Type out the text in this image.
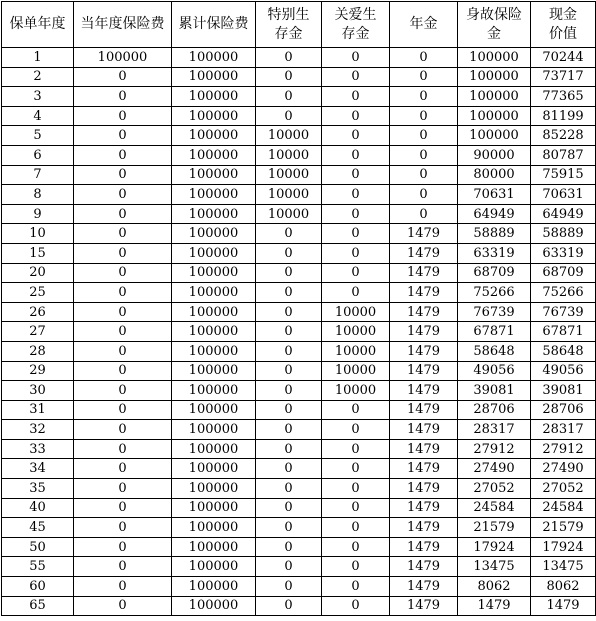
保单年度	当年度保险费	累计保险费	特别生存金	关爱生存金	年金	身故保险金	现金价值
1	100000	100000	0	0	0	100000	70244
2	0	100000	0	0	0	100000	73717
3	0	100000	0	0	0	100000	77365
4	0	100000	0	0	0	100000	81199
5	0	100000	10000	0	0	100000	85228
6	0	100000	10000	0	0	90000	80787
7	0	100000	10000	0	0	80000	75915
8	0	100000	10000	0	0	70631	70631
9	0	100000	10000	0	0	64949	64949
10	0	100000	0	0	1479	58889	58889
15	0	100000	0	0	1479	63319	63319
20	0	100000	0	0	1479	68709	68709
25	0	100000	0	0	1479	75266	75266
26	0	100000	0	10000	1479	76739	76739
27	0	100000	0	10000	1479	67871	67871
28	0	100000	0	10000	1479	58648	58648
29	0	100000	0	10000	1479	49056	49056
30	0	100000	0	10000	1479	39081	39081
31	0	100000	0	0	1479	28706	28706
32	0	100000	0	0	1479	28317	28317
33	0	100000	0	0	1479	27912	27912
34	0	100000	0	0	1479	27490	27490
35	0	100000	0	0	1479	27052	27052
40	0	100000	0	0	1479	24584	24584
45	0	100000	0	0	1479	21579	21579
50	0	100000	0	0	1479	17924	17924
55	0	100000	0	0	1479	13475	13475
60	0	100000	0	0	1479	8062	8062
65	0	100000	0	0	1479	1479	1479
